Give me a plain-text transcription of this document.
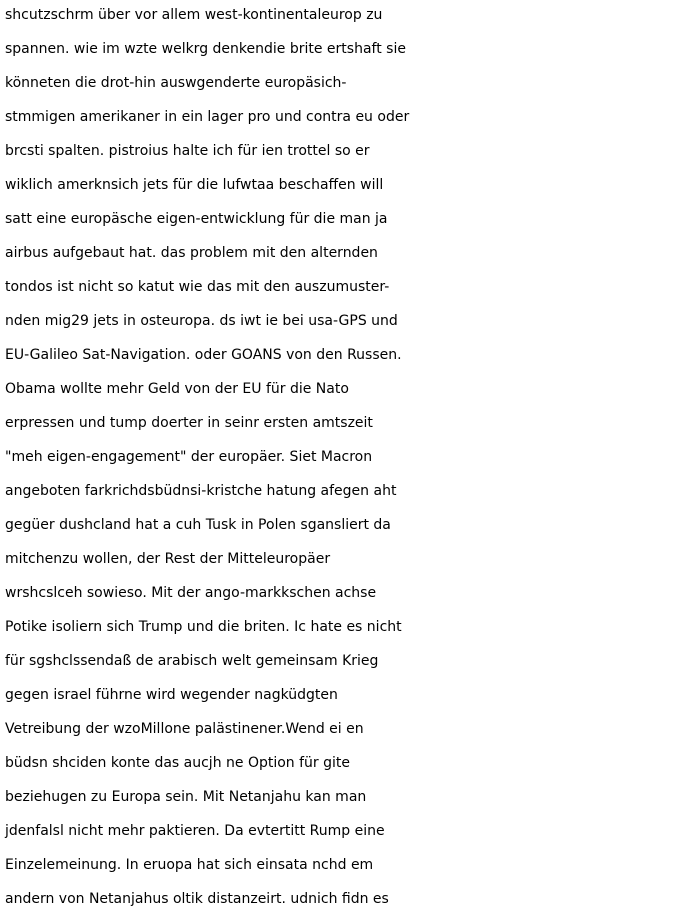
shcutzschrm über vor allem west-kontinentaleurop zu
spannen. wie im wzte welkrg denkendie brite ertshaft sie
könneten die drot-hin auswgenderte europäsich-
stmmigen amerikaner in ein lager pro und contra eu oder
brcsti spalten. pistroius halte ich für ien trottel so er
wiklich amerknsich jets für die lufwtaa beschaffen will
satt eine europäsche eigen-entwicklung für die man ja
airbus aufgebaut hat. das problem mit den alternden
tondos ist nicht so katut wie das mit den auszumuster-
nden mig29 jets in osteuropa. ds iwt ie bei usa-GPS und
EU-Galileo Sat-Navigation. oder GOANS von den Russen.
Obama wollte mehr Geld von der EU für die Nato
erpressen und tump doerter in seinr ersten amtszeit
"meh eigen-engagement" der europäer. Siet Macron
angeboten farkrichdsbüdnsi-kristche hatung afegen aht
gegüer dushcland hat a cuh Tusk in Polen sgansliert da
mitchenzu wollen, der Rest der Mitteleuropäer
wrshcslceh sowieso. Mit der ango-markkschen achse
Potike isoliern sich Trump und die briten. Ic hate es nicht
für sgshclssendaß de arabisch welt gemeinsam Krieg
gegen israel führne wird wegender nagküdgten
Vetreibung der wzoMillone palästinener.Wend ei en
büdsn shciden konte das aucjh ne Option für gite
beziehugen zu Europa sein. Mit Netanjahu kan man
jdenfalsl nicht mehr paktieren. Da evtertitt Rump eine
Einzelemeinung. In eruopa hat sich einsata nchd em
andern von Netanjahus oltik distanzeirt. udnich fidn es
